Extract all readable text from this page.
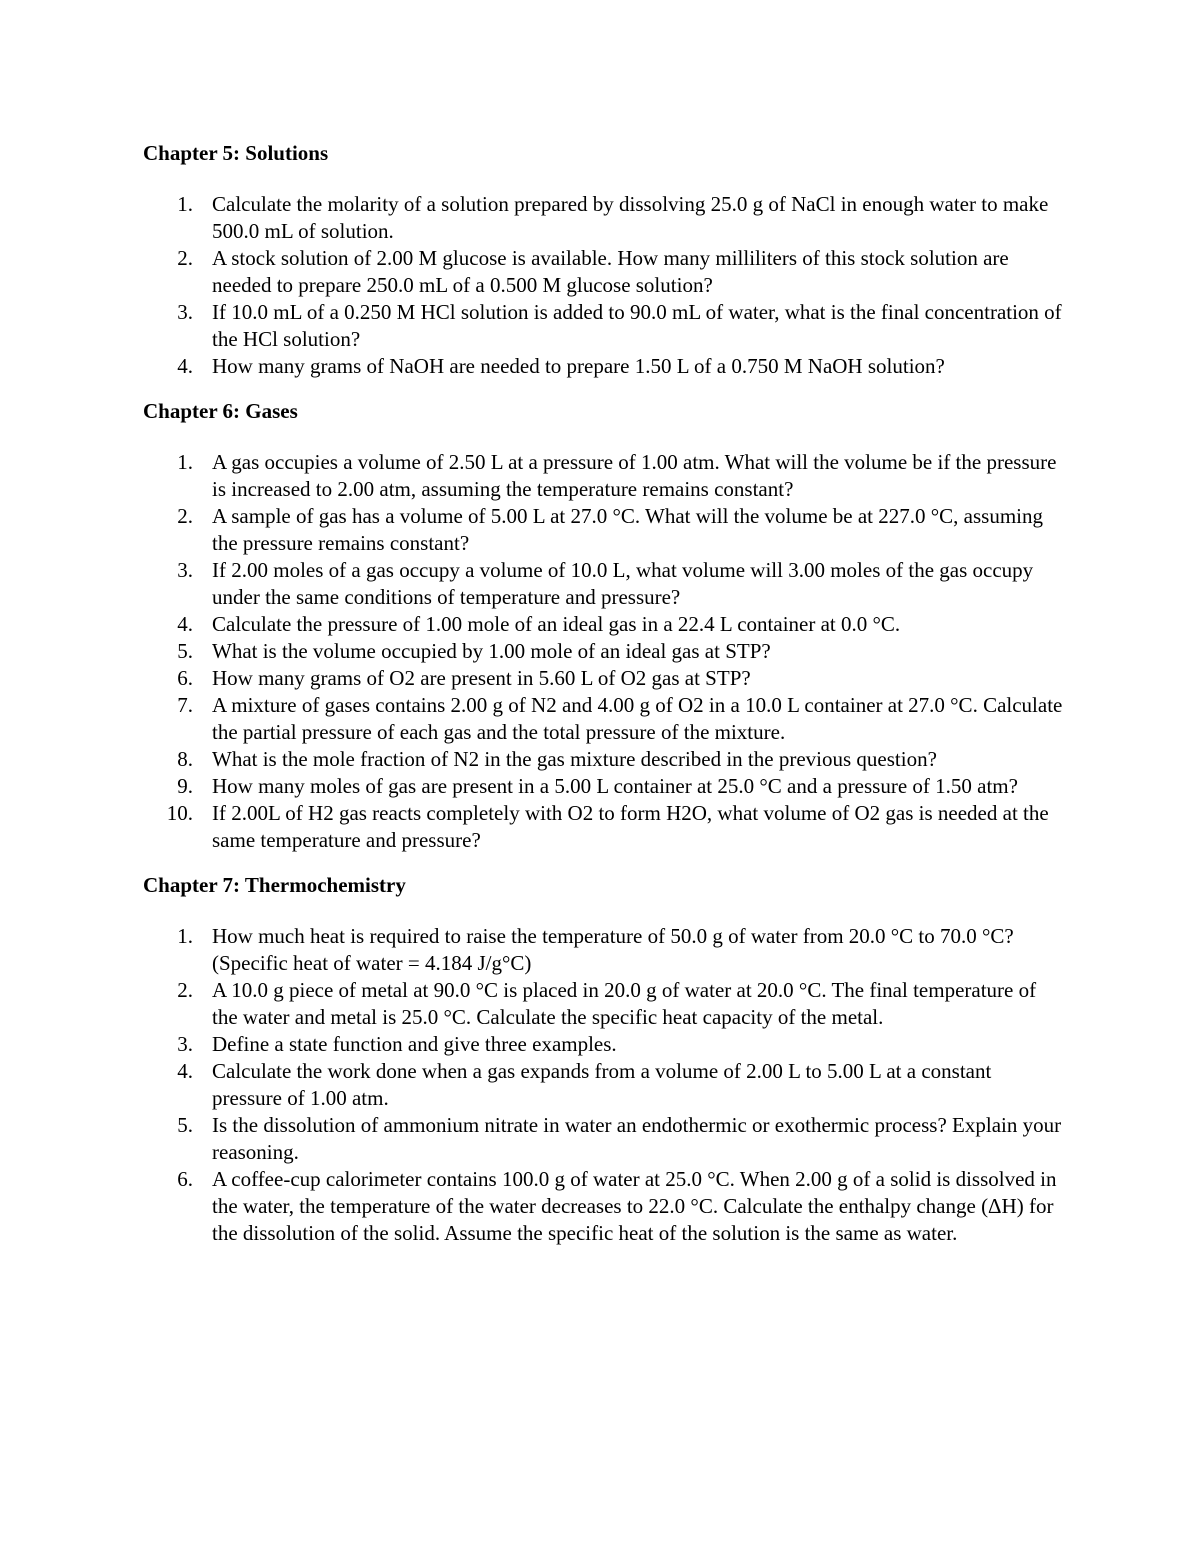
Chapter 5: Solutions
1. Calculate the molarity of a solution prepared by dissolving 25.0 g of NaCl in enough water to make 500.0 mL of solution.
2. A stock solution of 2.00 M glucose is available. How many milliliters of this stock solution are needed to prepare 250.0 mL of a 0.500 M glucose solution?
3. If 10.0 mL of a 0.250 M HCl solution is added to 90.0 mL of water, what is the final concentration of the HCl solution?
4. How many grams of NaOH are needed to prepare 1.50 L of a 0.750 M NaOH solution?
Chapter 6: Gases
1. A gas occupies a volume of 2.50 L at a pressure of 1.00 atm. What will the volume be if the pressure is increased to 2.00 atm, assuming the temperature remains constant?
2. A sample of gas has a volume of 5.00 L at 27.0 °C. What will the volume be at 227.0 °C, assuming the pressure remains constant?
3. If 2.00 moles of a gas occupy a volume of 10.0 L, what volume will 3.00 moles of the gas occupy under the same conditions of temperature and pressure?
4. Calculate the pressure of 1.00 mole of an ideal gas in a 22.4 L container at 0.0 °C.
5. What is the volume occupied by 1.00 mole of an ideal gas at STP?
6. How many grams of O2 are present in 5.60 L of O2 gas at STP?
7. A mixture of gases contains 2.00 g of N2 and 4.00 g of O2 in a 10.0 L container at 27.0 °C. Calculate the partial pressure of each gas and the total pressure of the mixture.
8. What is the mole fraction of N2 in the gas mixture described in the previous question?
9. How many moles of gas are present in a 5.00 L container at 25.0 °C and a pressure of 1.50 atm?
10. If 2.00L of H2 gas reacts completely with O2 to form H2O, what volume of O2 gas is needed at the same temperature and pressure?
Chapter 7: Thermochemistry
1. How much heat is required to raise the temperature of 50.0 g of water from 20.0 °C to 70.0 °C? (Specific heat of water = 4.184 J/g°C)
2. A 10.0 g piece of metal at 90.0 °C is placed in 20.0 g of water at 20.0 °C. The final temperature of the water and metal is 25.0 °C. Calculate the specific heat capacity of the metal.
3. Define a state function and give three examples.
4. Calculate the work done when a gas expands from a volume of 2.00 L to 5.00 L at a constant pressure of 1.00 atm.
5. Is the dissolution of ammonium nitrate in water an endothermic or exothermic process? Explain your reasoning.
6. A coffee-cup calorimeter contains 100.0 g of water at 25.0 °C. When 2.00 g of a solid is dissolved in the water, the temperature of the water decreases to 22.0 °C. Calculate the enthalpy change (ΔH) for the dissolution of the solid. Assume the specific heat of the solution is the same as water.
